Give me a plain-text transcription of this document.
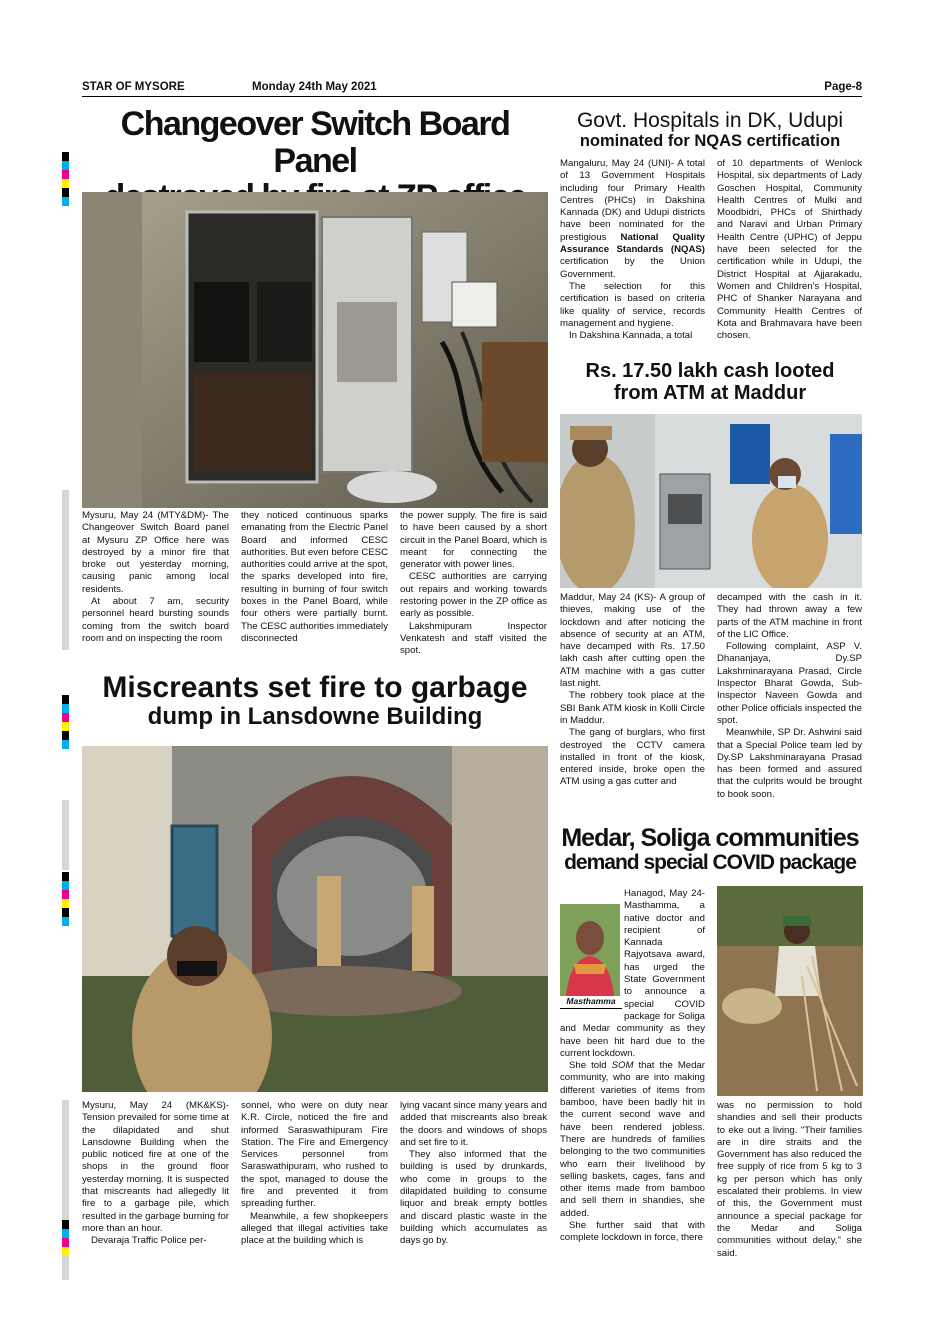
STAR OF MYSORE	Monday 24th May 2021	Page-8
Changeover Switch Board Panel

Mysuru, May 24 (MTY&DM)- The Changeover Switch Board panel at Mysuru ZP Office here was destroyed by a minor fire that broke out yesterday morning, causing panic among local residents.

At about 7 am, security personnel heard bursting sounds coming from the switch board room and on inspecting the room

they noticed continuous sparks emanating from the Electric Panel Board and informed CESC authorities. But even before CESC authorities could arrive at the spot, the sparks developed into fire, resulting in burning of four switch boxes in the Panel Board, while four others were partially burnt. The CESC authorities immediately disconnected

the power supply. The fire is said to have been caused by a short circuit in the Panel Board, which is meant for connecting the generator with power lines.

CESC authorities are carrying out repairs and working towards restoring power in the ZP office as early as possible.

Lakshmipuram Inspector Venkatesh and staff visited the spot.

Govt. Hospitals in DK, Udupi
nominated for NQAS certification

Mangaluru, May 24 (UNI)- A total of 13 Government Hospitals including four Primary Health Centres (PHCs) in Dakshina Kannada (DK) and Udupi districts have been nominated for the prestigious National Quality Assurance Standards (NQAS) certification by the Union Government.

The selection for this certification is based on criteria like quality of service, records management and hygiene.

In Dakshina Kannada, a total

of 10 departments of Wenlock Hospital, six departments of Lady Goschen Hospital, Community Health Centres of Mulki and Moodbidri, PHCs of Shirthady and Naravi and Urban Primary Health Centre (UPHC) of Jeppu have been selected for the certification while in Udupi, the District Hospital at Ajjarakadu, Women and Children's Hospital, PHC of Shanker Narayana and Community Health Centres of Kota and Brahmavara have been chosen.

Rs. 17.50 lakh cash looted
from ATM at Maddur

Maddur, May 24 (KS)- A group of thieves, making use of the lockdown and after noticing the absence of security at an ATM, have decamped with Rs. 17.50 lakh cash after cutting open the ATM machine with a gas cutter last night.

The robbery took place at the SBI Bank ATM kiosk in Kolli Circle in Maddur.

The gang of burglars, who first destroyed the CCTV camera installed in front of the kiosk, entered inside, broke open the ATM using a gas cutter and

decamped with the cash in it. They had thrown away a few parts of the ATM machine in front of the LIC Office.

Following complaint, ASP V. Dhananjaya, Dy.SP Lakshminarayana Prasad, Circle Inspector Bharat Gowda, Sub-Inspector Naveen Gowda and other Police officials inspected the spot.

Meanwhile, SP Dr. Ashwini said that a Special Police team led by Dy.SP Lakshminarayana Prasad has been formed and assured that the culprits would be brought to book soon.

Miscreants set fire to garbage
dump in Lansdowne Building

Mysuru, May 24 (MK&KS)- Tension prevailed for some time at the dilapidated and shut Lansdowne Building when the public noticed fire at one of the shops in the ground floor yesterday morning. It is suspected that miscreants had allegedly lit fire to a garbage pile, which resulted in the garbage burning for more than an hour.

Devaraja Traffic Police per-

sonnel, who were on duty near K.R. Circle, noticed the fire and informed Saraswathipuram Fire Station. The Fire and Emergency Services personnel from Saraswathipuram, who rushed to the spot, managed to douse the fire and prevented it from spreading further.

Meanwhile, a few shopkeepers alleged that illegal activities take place at the building which is

lying vacant since many years and added that miscreants also break the doors and windows of shops and set fire to it.

They also informed that the building is used by drunkards, who come in groups to the dilapidated building to consume liquor and break empty bottles and discard plastic waste in the building which accumulates as days go by.

Medar, Soliga communities
demand special COVID package
Masthamma

Hanagod, May 24- Masthamma, a native doctor and recipient of Kannada Rajyotsava award, has urged the State Government to announce a special COVID package for Soliga and Medar community as they have been hit hard due to the current lockdown.

She told SOM that the Medar community, who are into making different varieties of items from bamboo, have been badly hit in the current second wave and have been rendered jobless. There are hundreds of families belonging to the two communities who earn their livelihood by selling baskets, cages, fans and other items made from bamboo and sell them in shandies, she added.

She further said that with complete lockdown in force, there

was no permission to hold shandies and sell their products to eke out a living. "Their families are in dire straits and the Government has also reduced the free supply of rice from 5 kg to 3 kg per person which has only escalated their problems. In view of this, the Government must announce a special package for the Medar and Soliga communities without delay," she said.
